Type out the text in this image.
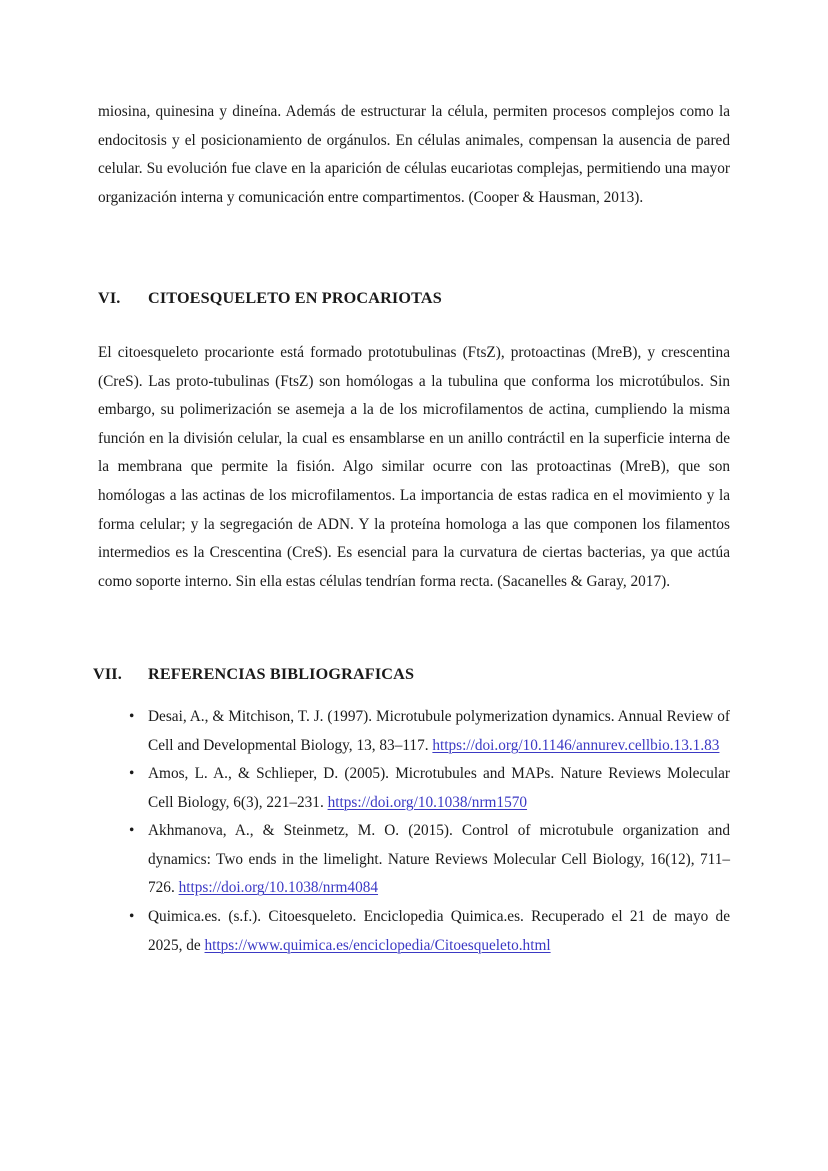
miosina, quinesina y dineína. Además de estructurar la célula, permiten procesos complejos como la endocitosis y el posicionamiento de orgánulos. En células animales, compensan la ausencia de pared celular. Su evolución fue clave en la aparición de células eucariotas complejas, permitiendo una mayor organización interna y comunicación entre compartimentos. (Cooper & Hausman, 2013).

VI.	CITOESQUELETO EN PROCARIOTAS

El citoesqueleto procarionte está formado prototubulinas (FtsZ), protoactinas (MreB), y crescentina (CreS). Las proto-tubulinas (FtsZ) son homólogas a la tubulina que conforma los microtúbulos. Sin embargo, su polimerización se asemeja a la de los microfilamentos de actina, cumpliendo la misma función en la división celular, la cual es ensamblarse en un anillo contráctil en la superficie interna de la membrana que permite la fisión. Algo similar ocurre con las protoactinas (MreB), que son homólogas a las actinas de los microfilamentos. La importancia de estas radica en el movimiento y la forma celular; y la segregación de ADN. Y la proteína homologa a las que componen los filamentos intermedios es la Crescentina (CreS). Es esencial para la curvatura de ciertas bacterias, ya que actúa como soporte interno. Sin ella estas células tendrían forma recta. (Sacanelles & Garay, 2017).

VII.	REFERENCIAS BIBLIOGRAFICAS
• Desai, A., & Mitchison, T. J. (1997). Microtubule polymerization dynamics. Annual Review of Cell and Developmental Biology, 13, 83–117. https://doi.org/10.1146/annurev.cellbio.13.1.83
• Amos, L. A., & Schlieper, D. (2005). Microtubules and MAPs. Nature Reviews Molecular Cell Biology, 6(3), 221–231. https://doi.org/10.1038/nrm1570
• Akhmanova, A., & Steinmetz, M. O. (2015). Control of microtubule organization and dynamics: Two ends in the limelight. Nature Reviews Molecular Cell Biology, 16(12), 711–726. https://doi.org/10.1038/nrm4084
• Quimica.es. (s.f.). Citoesqueleto. Enciclopedia Quimica.es. Recuperado el 21 de mayo de 2025, de https://www.quimica.es/enciclopedia/Citoesqueleto.html
